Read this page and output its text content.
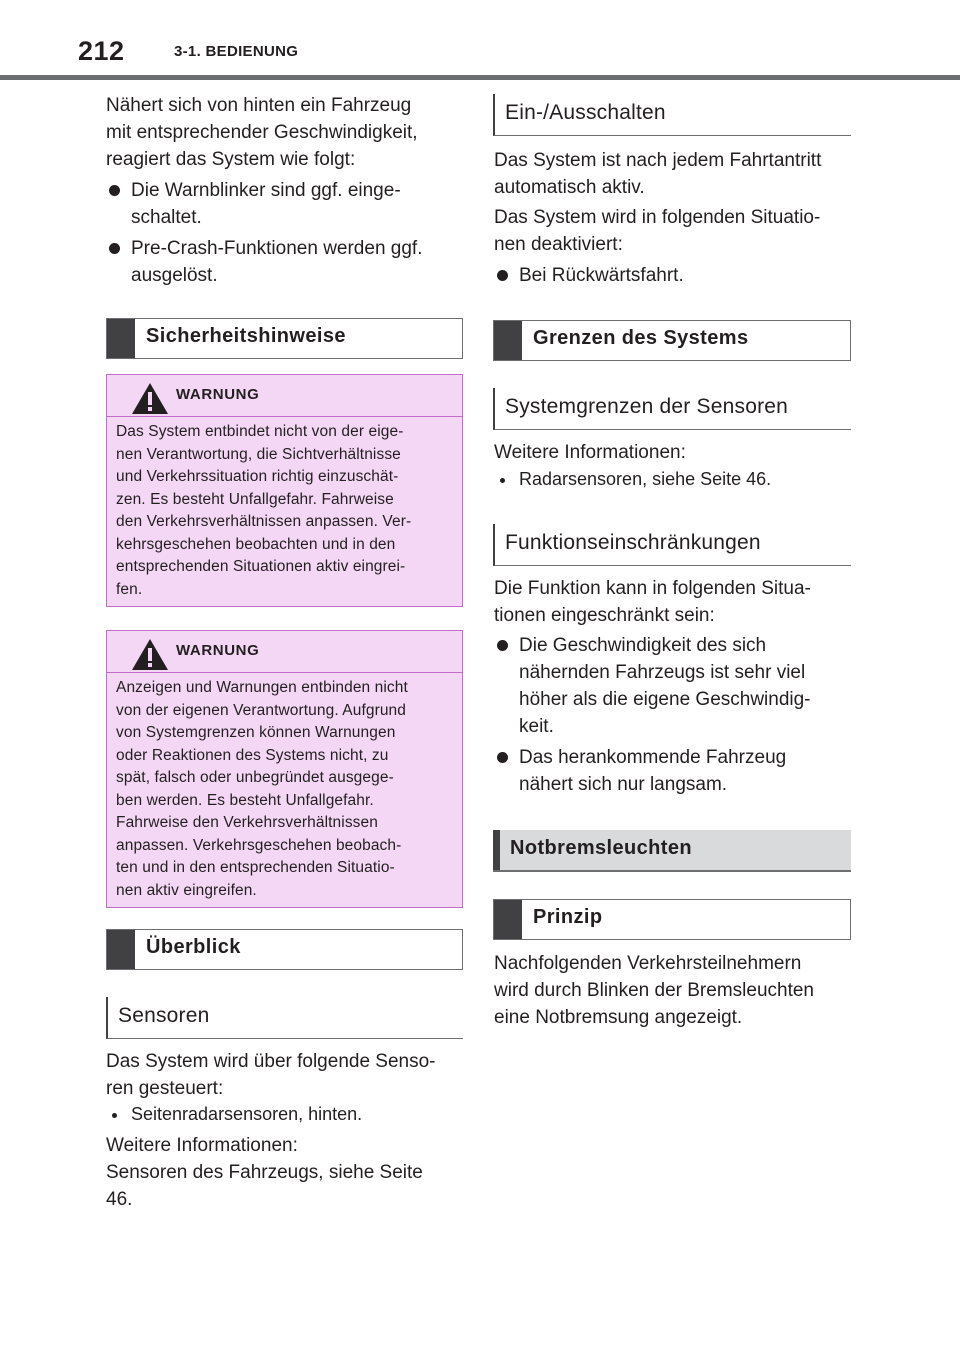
212	3-1. BEDIENUNG

Nähert sich von hinten ein Fahrzeug mit entsprechender Geschwindigkeit, reagiert das System wie folgt:

Die Warnblinker sind ggf. einge-
schaltet.
Pre-Crash-Funktionen werden ggf. ausgelöst.
Sicherheitshinweise
WARNUNG

Das System entbindet nicht von der eige-
nen Verantwortung, die Sichtverhältnisse
und Verkehrssituation richtig einzuschät-
zen. Es besteht Unfallgefahr. Fahrweise
den Verkehrsverhältnissen anpassen. Ver-
kehrsgeschehen beobachten und in den
entsprechenden Situationen aktiv eingrei-
fen.

WARNUNG

Anzeigen und Warnungen entbinden nicht
von der eigenen Verantwortung. Aufgrund
von Systemgrenzen können Warnungen
oder Reaktionen des Systems nicht, zu
spät, falsch oder unbegründet ausgege-
ben werden. Es besteht Unfallgefahr.
Fahrweise den Verkehrsverhältnissen
anpassen. Verkehrsgeschehen beobach-
ten und in den entsprechenden Situatio-
nen aktiv eingreifen.

Überblick
Sensoren

Das System wird über folgende Senso-
ren gesteuert:

Seitenradarsensoren, hinten.

Weitere Informationen:
Sensoren des Fahrzeugs, siehe Seite
46.

Ein-/Ausschalten

Das System ist nach jedem Fahrtantritt
automatisch aktiv.

Das System wird in folgenden Situatio-
nen deaktiviert:

Bei Rückwärtsfahrt.
Grenzen des Systems
Systemgrenzen der Sensoren

Weitere Informationen:

Radarsensoren, siehe Seite 46.
Funktionseinschränkungen

Die Funktion kann in folgenden Situa-
tionen eingeschränkt sein:

Die Geschwindigkeit des sich
nähernden Fahrzeugs ist sehr viel
höher als die eigene Geschwindig-
keit.
Das herankommende Fahrzeug
nähert sich nur langsam.
Notbremsleuchten
Prinzip

Nachfolgenden Verkehrsteilnehmern
wird durch Blinken der Bremsleuchten
eine Notbremsung angezeigt.
